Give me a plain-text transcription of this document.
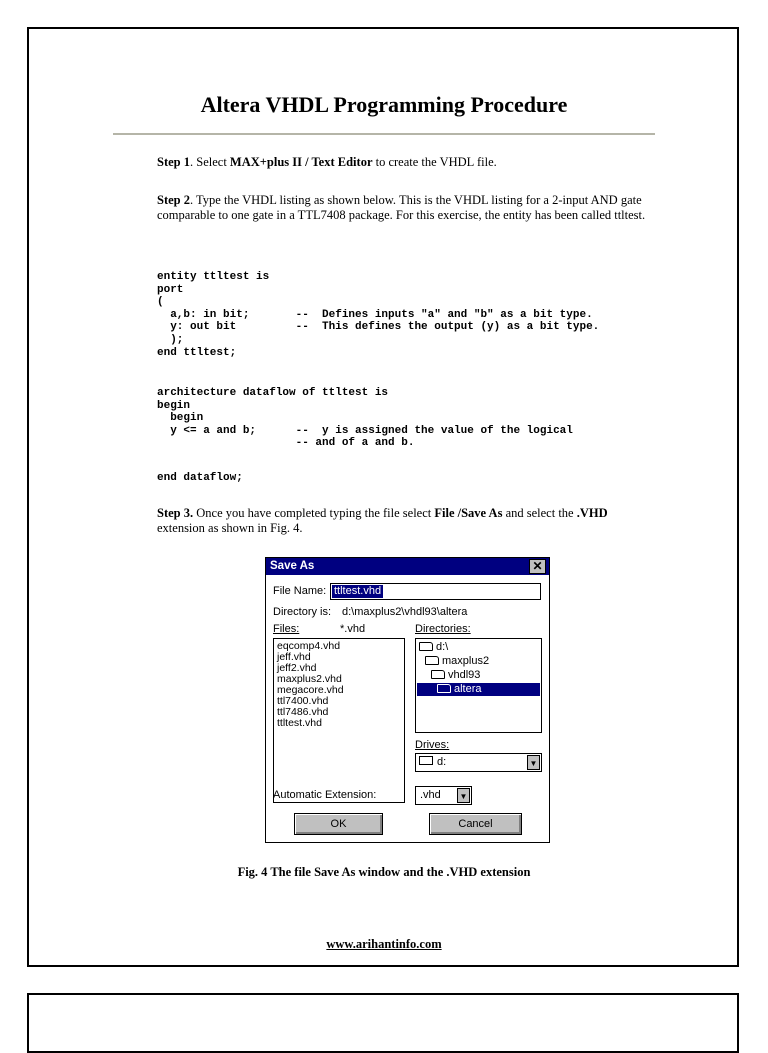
Altera VHDL Programming Procedure
Step 1. Select MAX+plus II / Text Editor to create the VHDL file.
Step 2. Type the VHDL listing as shown below. This is the VHDL listing for a 2-input AND gate comparable to one gate in a TTL7408 package. For this exercise, the entity has been called ttltest.
entity ttltest is
port
(
a,b: in bit;       --  Defines inputs "a" and "b" as a bit type.
y: out bit         --  This defines the output (y) as a bit type.
);
end ttltest;
architecture dataflow of ttltest is
begin
begin
y <= a and b;      --  y is assigned the value of the logical
-- and of a and b.
end dataflow;
Step 3. Once you have completed typing the file select File /Save As and select the .VHD extension as shown in Fig. 4.
Save As	✕
File Name: ttltest.vhd
Directory is: d:\maxplus2\vhdl93\altera
Files:	*.vhd	Directories:
eqcomp4.vhd
jeff.vhd
jeff2.vhd
maxplus2.vhd
megacore.vhd
ttl7400.vhd
ttl7486.vhd
ttltest.vhd
d:\
maxplus2
vhdl93
altera
Drives:
d:	▼
Automatic Extension:	.vhd	▼
OK	Cancel
Fig. 4 The file Save As window and the .VHD extension
www.arihantinfo.com
